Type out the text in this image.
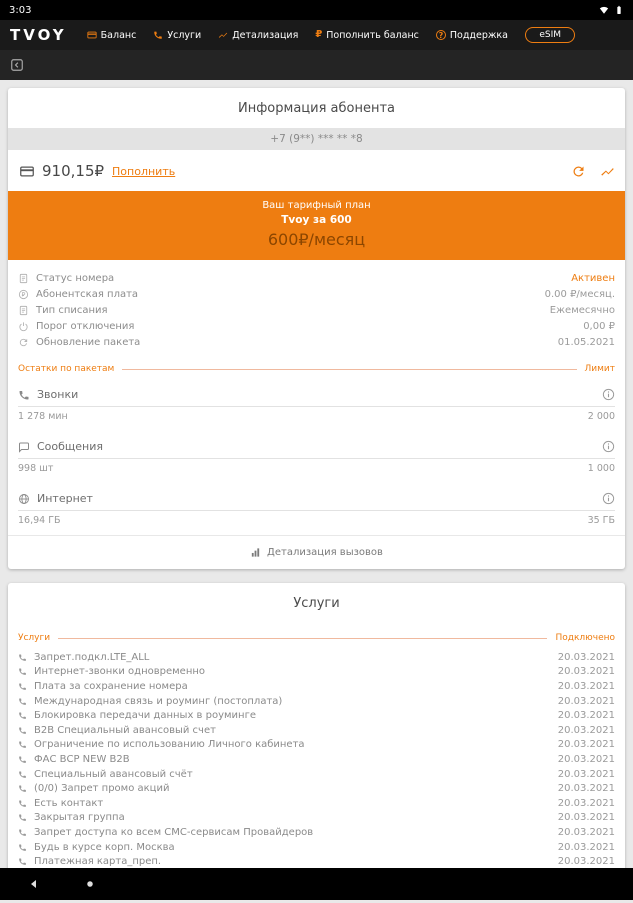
3:03
TVOY	Баланс	Услуги	Детализация ₽ Пополнить баланс	? Поддержка	eSIM
Информация абонента
+7 (9**) *** ** *8
910,15₽ Пополнить
Ваш тарифный план
Tvoy за 600
600₽/месяц
Статус номера	Активен
Абонентская плата	0.00 ₽/месяц.
Тип списания	Ежемесячно
Порог отключения	0,00 ₽
Обновление пакета	01.05.2021
Остатки по пакетам	Лимит
Звонки
1 278 мин	2 000
Сообщения
998 шт	1 000
Интернет
16,94 ГБ	35 ГБ
Детализация вызовов
Услуги
Услуги	Подключено
Запрет.подкл.LTE_ALL	20.03.2021
Интернет-звонки одновременно	20.03.2021
Плата за сохранение номера	20.03.2021
Международная связь и роуминг (постоплата)	20.03.2021
Блокировка передачи данных в роуминге	20.03.2021
B2B Специальный авансовый счет	20.03.2021
Ограничение по использованию Личного кабинета	20.03.2021
ФАС ВСР NEW B2B	20.03.2021
Специальный авансовый счёт	20.03.2021
(0/0) Запрет промо акций	20.03.2021
Есть контакт	20.03.2021
Закрытая группа	20.03.2021
Запрет доступа ко всем СМС-сервисам Провайдеров	20.03.2021
Будь в курсе корп. Москва	20.03.2021
Платежная карта_преп.	20.03.2021
